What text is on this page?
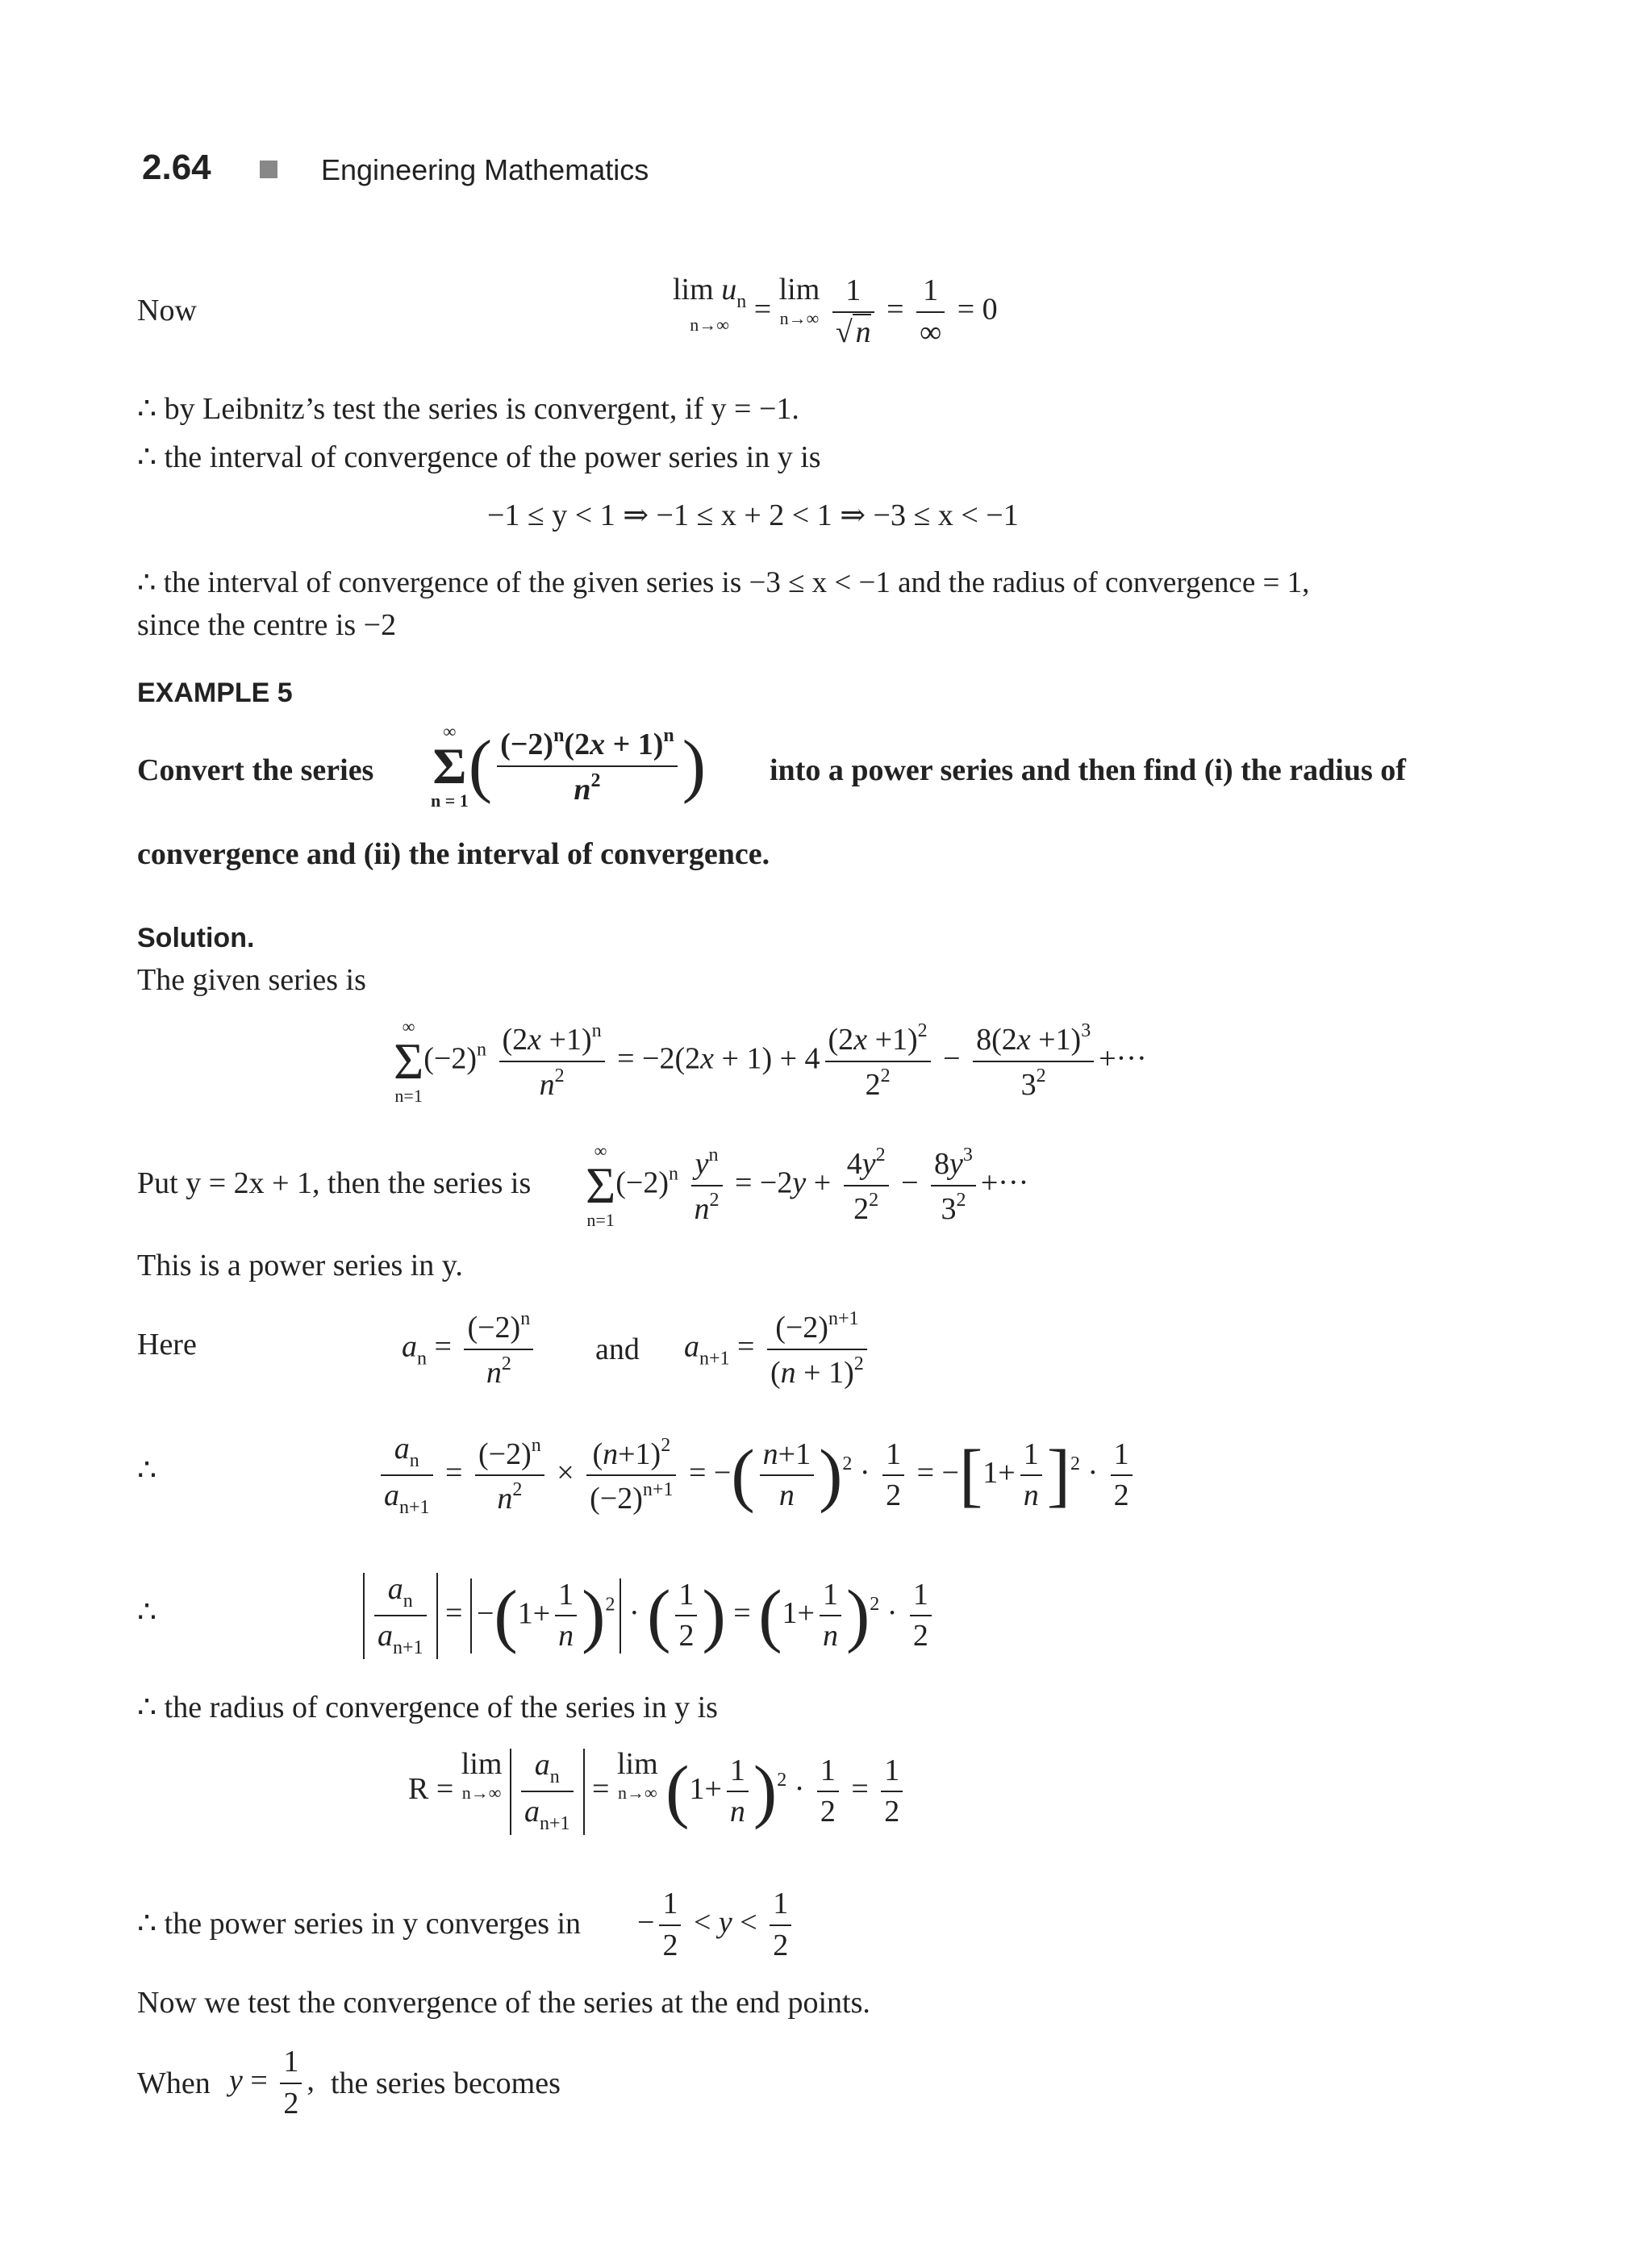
2.64	Engineering Mathematics
Now
$\lim u_n$
n→∞ = lim
n→∞
$\frac{1}{√ n} = \frac{1}{\infty} = 0$
∴ by Leibnitz’s test the series is convergent, if y = −1.
∴ the interval of convergence of the power series in y is
−1 ≤ y < 1 ⇒ −1 ≤ x + 2 < 1 ⇒ −3 ≤ x < −1
∴ the interval of convergence of the given series is −3 ≤ x < −1 and the radius of convergence = 1,
since the centre is −2
EXAMPLE 5
Convert the series
∞
Σ
n = 1 ( $\frac{(-2)^n(2x + 1)^n}{n^2}$ ) into a power series and then find (i) the radius of
convergence and (ii) the interval of convergence.
Solution.
The given series is
∞
Σ
n=1
$(-2)^n \frac{(2x +1)^n}{n^2} = -2(2x + 1) + 4 \frac{(2x +1)^2}{2^2} - \frac{8(2x +1)^3}{3^2}$ +···
Put y = 2x + 1, then the series is
∞
Σ
n=1
$(-2)^n \frac{y^n}{n^2} = -2y + \frac{4y^2}{2^2} - \frac{8y^3}{3^2}$ +···
This is a power series in y.
Here	$a_n = \frac{(-2)^n}{n^2}$ and $a_{n+1} = \frac{(-2)^{n+1}}{(n + 1)^2}$
∴	$\frac{a_n}{a_{n+1}} = \frac{(-2)^n}{n^2} \times \frac{(n+1)^2}{(-2)^{n+1}}$ = −( $\frac{n+1}{n} )^2 \cdot \frac{1}{2} = -[1+ \frac{1}{n} ]^2 \cdot \frac{1}{2}$
∴	$\frac{a_n}{a_{n+1}} = -(1+ \frac{1}{n} )^2$ · ( $\frac{1}{2}$ ) = $(1+ \frac{1}{n} )^2 \cdot \frac{1}{2}$
∴ the radius of convergence of the series in y is
R = lim
n→∞
$\frac{a_n}{a_{n+1}} = \lim$
n→∞ $(1+ \frac{1}{n} )^2 \cdot \frac{1}{2} = \frac{1}{2}$
∴ the power series in y converges in − $\frac{1}{2} < y < \frac{1}{2}$
Now we test the convergence of the series at the end points.
When $y = \frac{1}{2}$ , the series becomes
